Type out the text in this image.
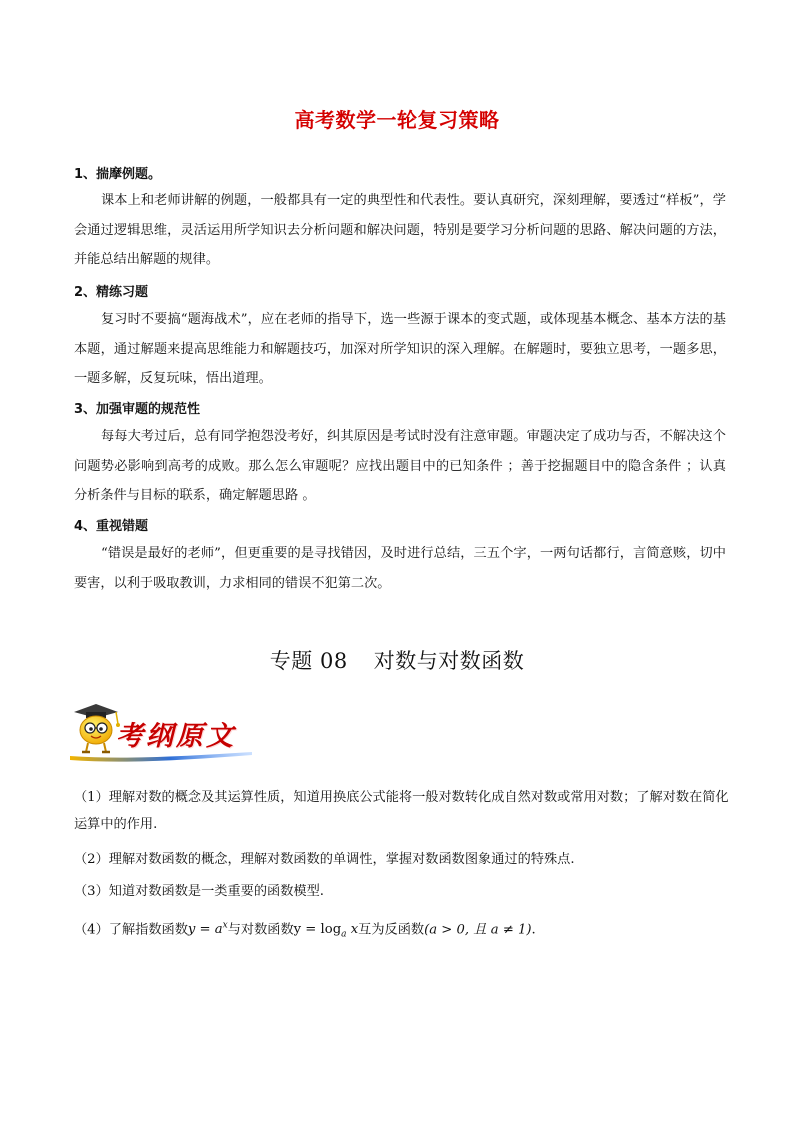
高考数学一轮复习策略
1、揣摩例题。

课本上和老师讲解的例题，一般都具有一定的典型性和代表性。要认真研究，深刻理解，要透过“样板”，学会通过逻辑思维，灵活运用所学知识去分析问题和解决问题，特别是要学习分析问题的思路、解决问题的方法，并能总结出解题的规律。

2、精练习题

复习时不要搞“题海战术”，应在老师的指导下，选一些源于课本的变式题，或体现基本概念、基本方法的基本题，通过解题来提高思维能力和解题技巧，加深对所学知识的深入理解。在解题时，要独立思考，一题多思，一题多解，反复玩味，悟出道理。

3、加强审题的规范性

每每大考过后，总有同学抱怨没考好，纠其原因是考试时没有注意审题。审题决定了成功与否，不解决这个问题势必影响到高考的成败。那么怎么审题呢？应找出题目中的已知条件 ；善于挖掘题目中的隐含条件 ；认真分析条件与目标的联系，确定解题思路 。

4、重视错题

“错误是最好的老师”，但更重要的是寻找错因，及时进行总结，三五个字，一两句话都行，言简意赅，切中要害，以利于吸取教训，力求相同的错误不犯第二次。

专题 08 对数与对数函数
考纲原文
（1）理解对数的概念及其运算性质，知道用换底公式能将一般对数转化成自然对数或常用对数；了解对数在简化运算中的作用.
（2）理解对数函数的概念，理解对数函数的单调性，掌握对数函数图象通过的特殊点.
（3）知道对数函数是一类重要的函数模型.
（4）了解指数函数$y = a^x$与对数函数$y = \log_a x$互为反函数(a > 0, 且 a ≠ 1).
